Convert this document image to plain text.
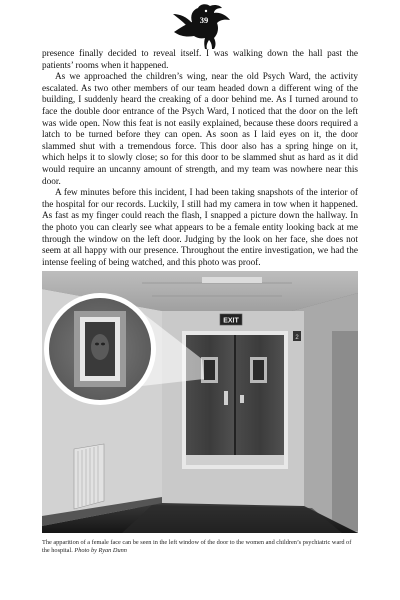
39

presence finally decided to reveal itself. I was walking down the hall past the patients’ rooms when it happened.

As we approached the children’s wing, near the old Psych Ward, the activity escalated. As two other members of our team headed down a different wing of the building, I suddenly heard the creaking of a door behind me. As I turned around to face the double door entrance of the Psych Ward, I noticed that the door on the left was wide open. Now this feat is not easily explained, because these doors required a latch to be turned before they can open. As soon as I laid eyes on it, the door slammed shut with a tremendous force. This door also has a spring hinge on it, which helps it to slowly close; so for this door to be slammed shut as hard as it did would require an uncanny amount of strength, and my team was nowhere near this door.

A few minutes before this incident, I had been taking snapshots of the interior of the hospital for our records. Luckily, I still had my camera in tow when it happened. As fast as my finger could reach the flash, I snapped a picture down the hallway. In the photo you can clearly see what appears to be a female entity looking back at me through the window on the left door. Judging by the look on her face, she does not seem at all happy with our presence. Throughout the entire investigation, we had the intense feeling of being watched, and this photo was proof.

EXIT
2
The apparition of a female face can be seen in the left window of the door to the women and children’s psychiatric ward of the hospital. Photo by Ryan Dunn
